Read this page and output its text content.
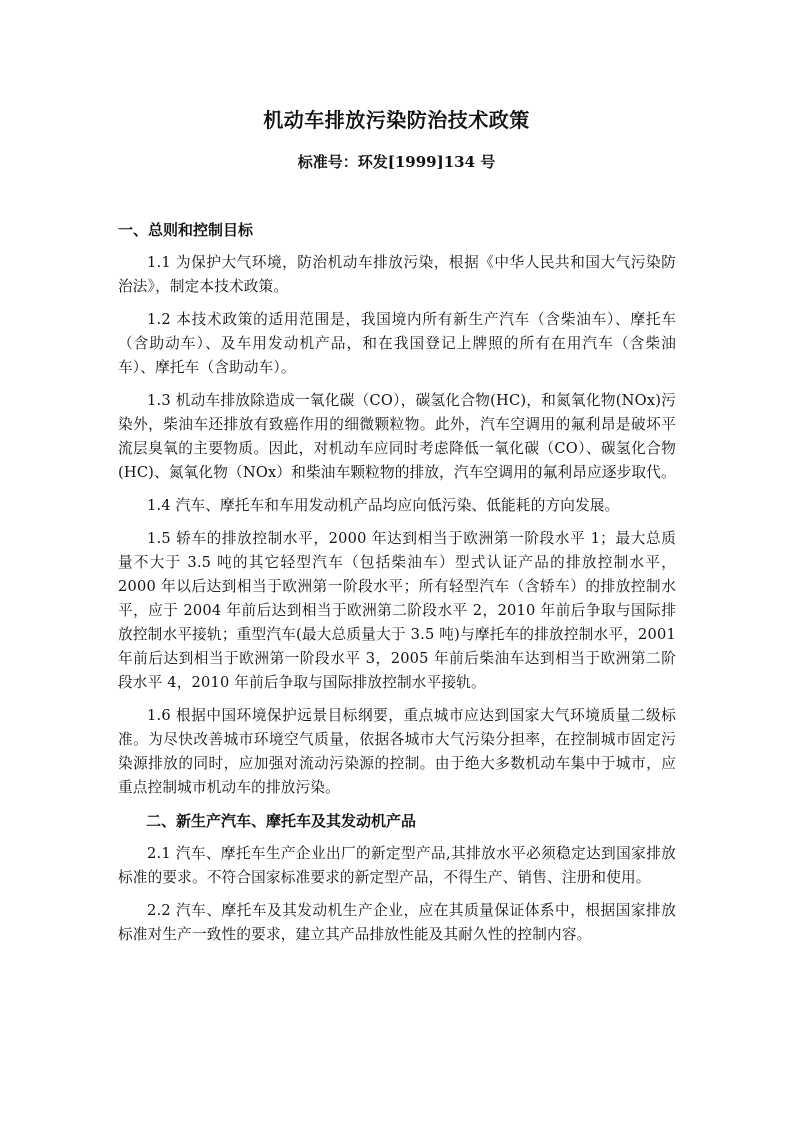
机动车排放污染防治技术政策

标准号：环发[1999]134 号

一、总则和控制目标

1.1 为保护大气环境，防治机动车排放污染，根据《中华人民共和国大气污染防治法》，制定本技术政策。

1.2 本技术政策的适用范围是，我国境内所有新生产汽车（含柴油车）、摩托车（含助动车）、及车用发动机产品，和在我国登记上牌照的所有在用汽车（含柴油车）、摩托车（含助动车）。

1.3 机动车排放除造成一氧化碳（CO），碳氢化合物(HC)，和氮氧化物(NOx)污染外，柴油车还排放有致癌作用的细微颗粒物。此外，汽车空调用的氟利昂是破坏平流层臭氧的主要物质。因此，对机动车应同时考虑降低一氧化碳（CO）、碳氢化合物(HC)、氮氧化物（NOx）和柴油车颗粒物的排放，汽车空调用的氟利昂应逐步取代。

1.4 汽车、摩托车和车用发动机产品均应向低污染、低能耗的方向发展。

1.5 轿车的排放控制水平，2000 年达到相当于欧洲第一阶段水平 1；最大总质量不大于 3.5 吨的其它轻型汽车（包括柴油车）型式认证产品的排放控制水平，2000 年以后达到相当于欧洲第一阶段水平；所有轻型汽车（含轿车）的排放控制水平，应于 2004 年前后达到相当于欧洲第二阶段水平 2，2010 年前后争取与国际排放控制水平接轨；重型汽车(最大总质量大于 3.5 吨)与摩托车的排放控制水平，2001 年前后达到相当于欧洲第一阶段水平 3，2005 年前后柴油车达到相当于欧洲第二阶段水平 4，2010 年前后争取与国际排放控制水平接轨。

1.6 根据中国环境保护远景目标纲要，重点城市应达到国家大气环境质量二级标准。为尽快改善城市环境空气质量，依据各城市大气污染分担率，在控制城市固定污染源排放的同时，应加强对流动污染源的控制。由于绝大多数机动车集中于城市，应重点控制城市机动车的排放污染。

二、新生产汽车、摩托车及其发动机产品

2.1 汽车、摩托车生产企业出厂的新定型产品,其排放水平必须稳定达到国家排放标准的要求。不符合国家标准要求的新定型产品，不得生产、销售、注册和使用。

2.2 汽车、摩托车及其发动机生产企业，应在其质量保证体系中，根据国家排放标准对生产一致性的要求，建立其产品排放性能及其耐久性的控制内容。
